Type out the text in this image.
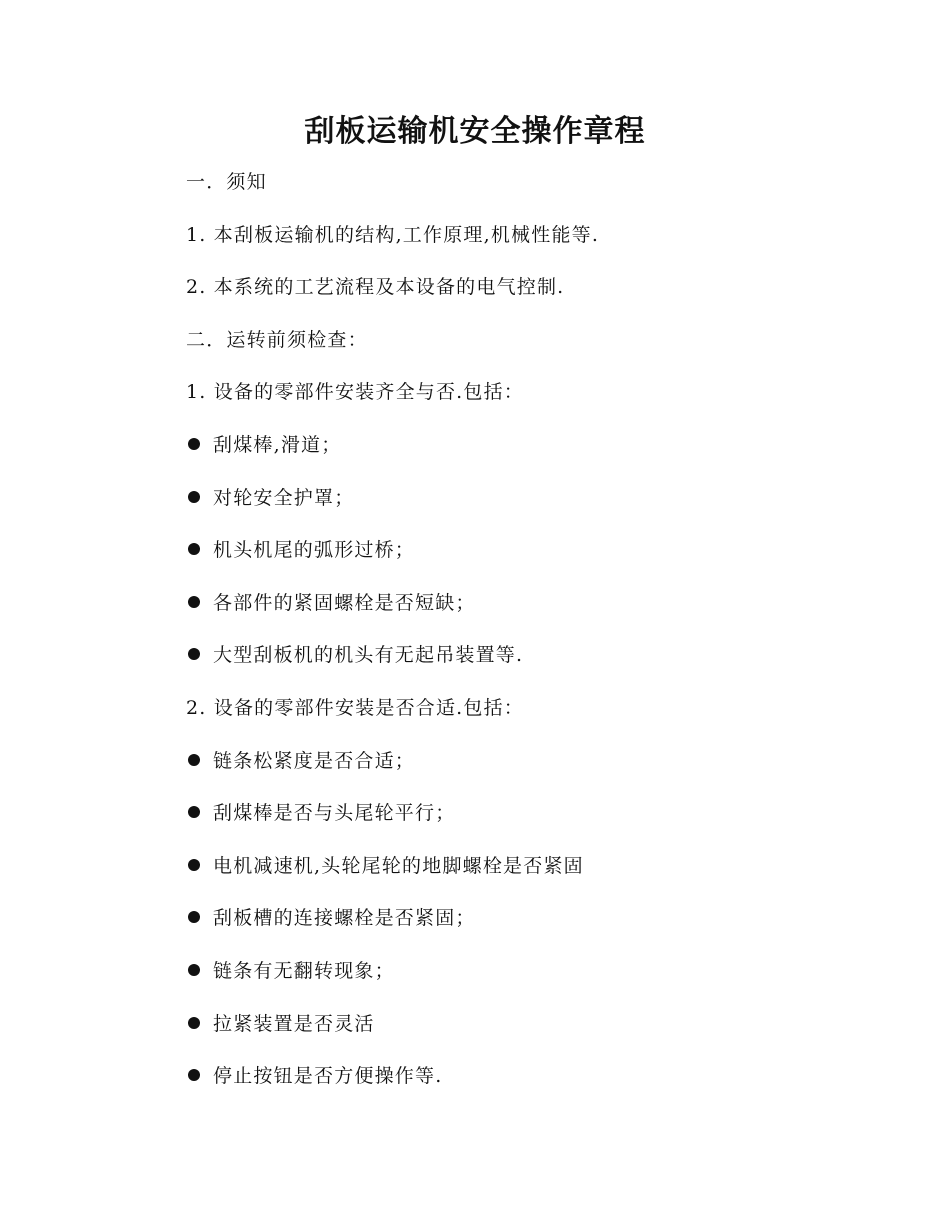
刮板运输机安全操作章程
一．须知
1. 本刮板运输机的结构,工作原理,机械性能等.
2. 本系统的工艺流程及本设备的电气控制.
二．运转前须检查：
1. 设备的零部件安装齐全与否.包括：
刮煤棒,滑道；
对轮安全护罩；
机头机尾的弧形过桥；
各部件的紧固螺栓是否短缺；
大型刮板机的机头有无起吊装置等.
2. 设备的零部件安装是否合适.包括：
链条松紧度是否合适；
刮煤棒是否与头尾轮平行；
电机减速机,头轮尾轮的地脚螺栓是否紧固
刮板槽的连接螺栓是否紧固；
链条有无翻转现象；
拉紧装置是否灵活
停止按钮是否方便操作等.
